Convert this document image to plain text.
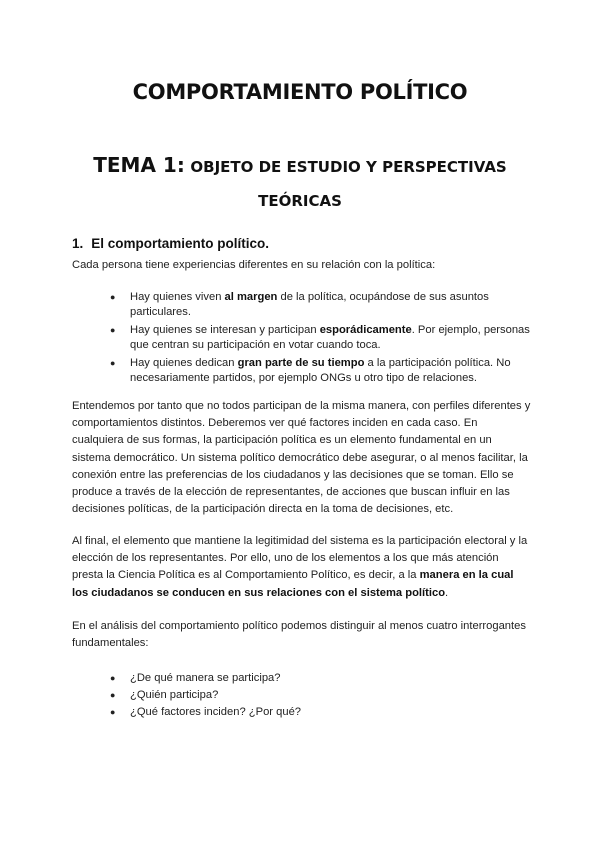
COMPORTAMIENTO POLÍTICO
TEMA 1: OBJETO DE ESTUDIO Y PERSPECTIVAS
TEÓRICAS
1. El comportamiento político.
Cada persona tiene experiencias diferentes en su relación con la política:
● Hay quienes viven al margen de la política, ocupándose de sus asuntos particulares.
● Hay quienes se interesan y participan esporádicamente. Por ejemplo, personas que centran su participación en votar cuando toca.
● Hay quienes dedican gran parte de su tiempo a la participación política. No necesariamente partidos, por ejemplo ONGs u otro tipo de relaciones.
Entendemos por tanto que no todos participan de la misma manera, con perfiles diferentes y comportamientos distintos. Deberemos ver qué factores inciden en cada caso. En cualquiera de sus formas, la participación política es un elemento fundamental en un sistema democrático. Un sistema político democrático debe asegurar, o al menos facilitar, la conexión entre las preferencias de los ciudadanos y las decisiones que se toman. Ello se produce a través de la elección de representantes, de acciones que buscan influir en las decisiones políticas, de la participación directa en la toma de decisiones, etc.
Al final, el elemento que mantiene la legitimidad del sistema es la participación electoral y la elección de los representantes. Por ello, uno de los elementos a los que más atención presta la Ciencia Política es al Comportamiento Político, es decir, a la manera en la cual los ciudadanos se conducen en sus relaciones con el sistema político.
En el análisis del comportamiento político podemos distinguir al menos cuatro interrogantes fundamentales:
● ¿De qué manera se participa?
● ¿Quién participa?
● ¿Qué factores inciden? ¿Por qué?
